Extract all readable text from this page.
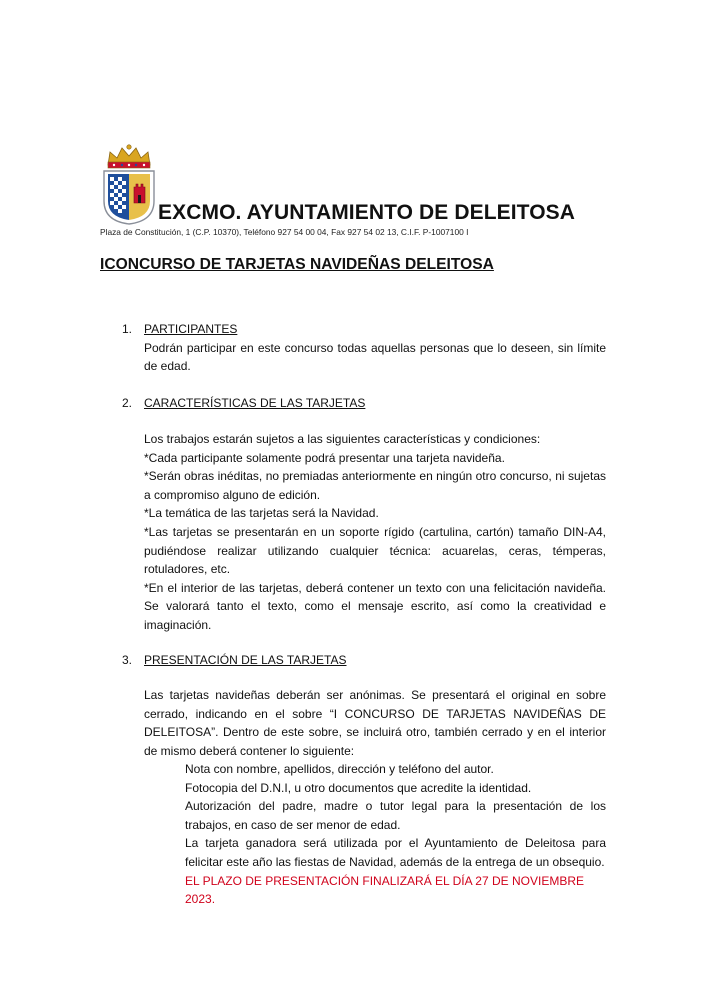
EXCMO. AYUNTAMIENTO DE DELEITOSA
Plaza de Constitución, 1 (C.P. 10370), Teléfono 927 54 00 04, Fax 927 54 02 13, C.I.F. P-1007100 I
ICONCURSO DE TARJETAS NAVIDEÑAS DELEITOSA
1. PARTICIPANTES

Podrán participar en este concurso todas aquellas personas que lo deseen, sin límite de edad.

2. CARACTERÍSTICAS DE LAS TARJETAS

Los trabajos estarán sujetos a las siguientes características y condiciones:

*Cada participante solamente podrá presentar una tarjeta navideña.

*Serán obras inéditas, no premiadas anteriormente en ningún otro concurso, ni sujetas a compromiso alguno de edición.

*La temática de las tarjetas será la Navidad.

*Las tarjetas se presentarán en un soporte rígido (cartulina, cartón) tamaño DIN-A4, pudiéndose realizar utilizando cualquier técnica: acuarelas, ceras, témperas, rotuladores, etc.

*En el interior de las tarjetas, deberá contener un texto con una felicitación navideña. Se valorará tanto el texto, como el mensaje escrito, así como la creatividad e imaginación.

3. PRESENTACIÓN DE LAS TARJETAS

Las tarjetas navideñas deberán ser anónimas. Se presentará el original en sobre cerrado, indicando en el sobre “I CONCURSO DE TARJETAS NAVIDEÑAS DE DELEITOSA”. Dentro de este sobre, se incluirá otro, también cerrado y en el interior de mismo deberá contener lo siguiente:

Nota con nombre, apellidos, dirección y teléfono del autor.

Fotocopia del D.N.I, u otro documentos que acredite la identidad.

Autorización del padre, madre o tutor legal para la presentación de los trabajos, en caso de ser menor de edad.

La tarjeta ganadora será utilizada por el Ayuntamiento de Deleitosa para felicitar este año las fiestas de Navidad, además de la entrega de un obsequio.

EL PLAZO DE PRESENTACIÓN FINALIZARÁ EL DÍA 27 DE NOVIEMBRE 2023.
